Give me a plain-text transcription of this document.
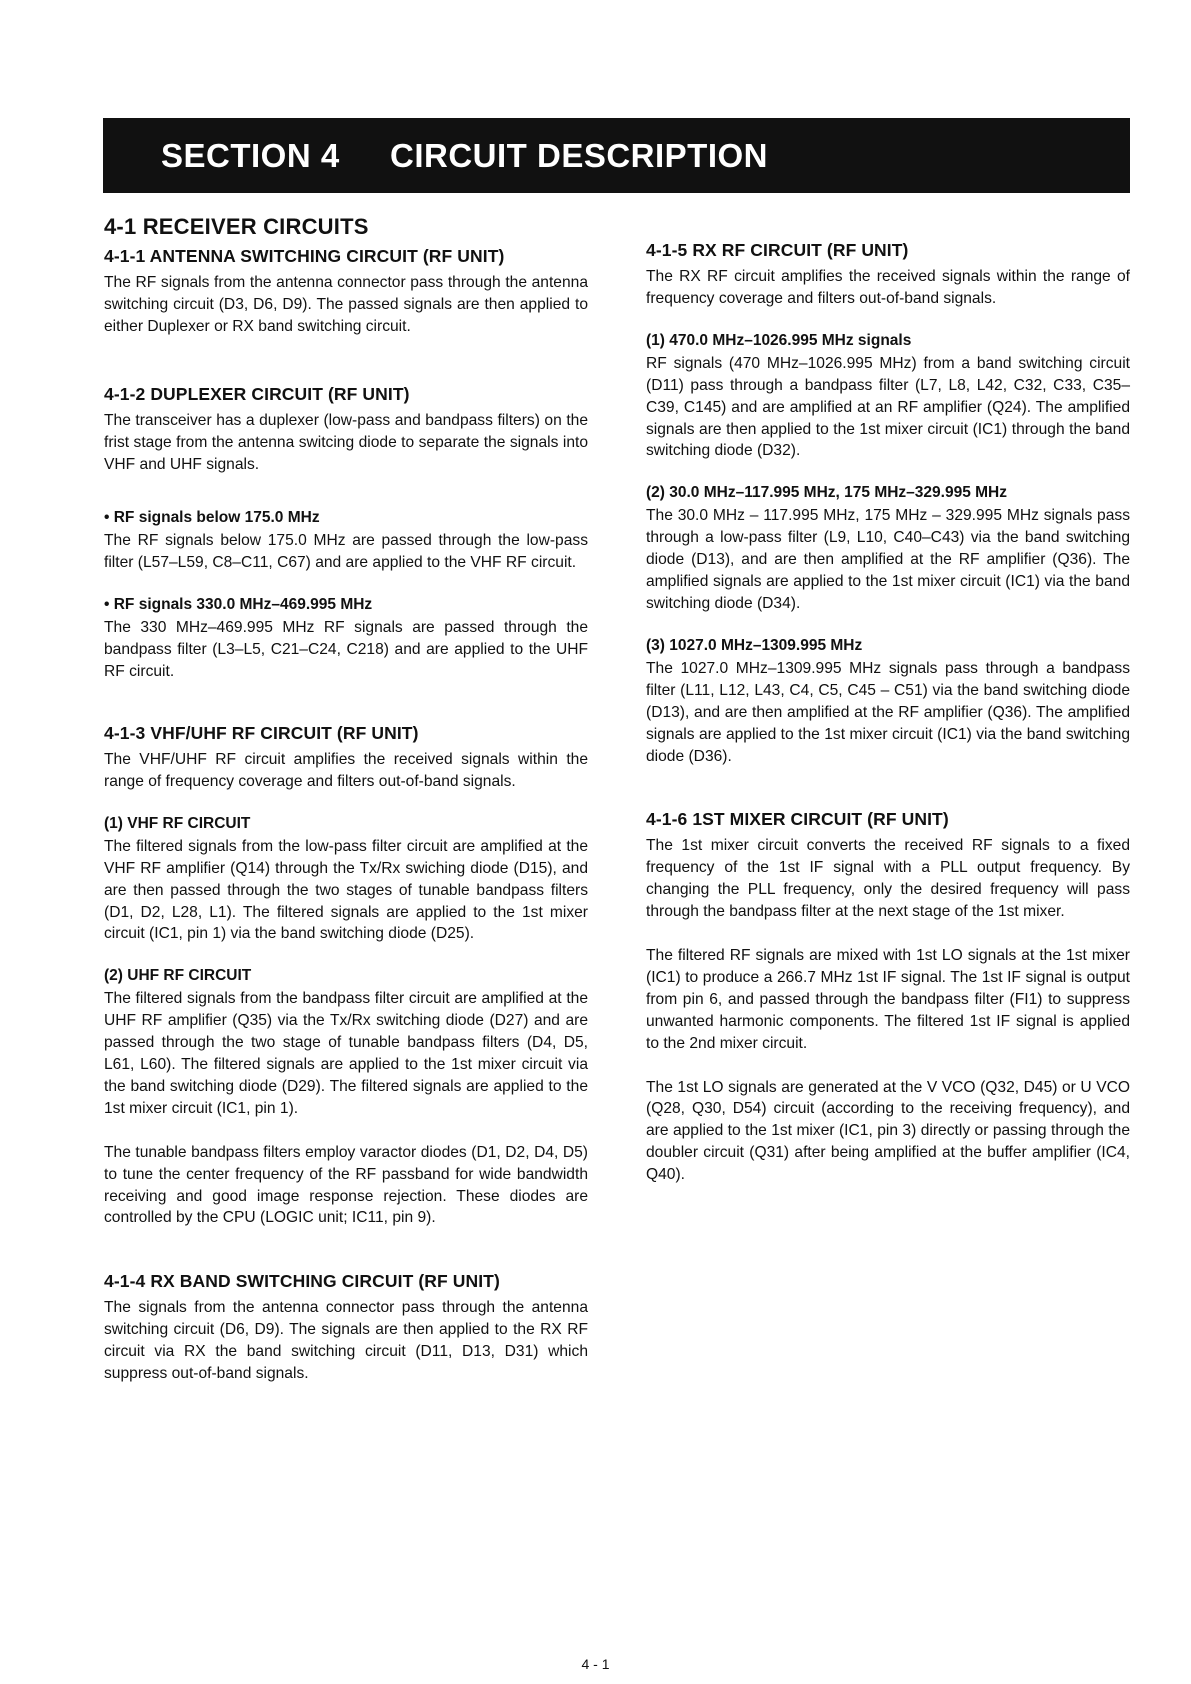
SECTION 4 CIRCUIT DESCRIPTION
4-1 RECEIVER CIRCUITS
4-1-1 ANTENNA SWITCHING CIRCUIT (RF UNIT)

The RF signals from the antenna connector pass through the antenna switching circuit (D3, D6, D9). The passed signals are then applied to either Duplexer or RX band switching circuit.

4-1-2 DUPLEXER CIRCUIT (RF UNIT)

The transceiver has a duplexer (low-pass and bandpass filters) on the frist stage from the antenna switcing diode to separate the signals into VHF and UHF signals.

• RF signals below 175.0 MHz

The RF signals below 175.0 MHz are passed through the low-pass filter (L57–L59, C8–C11, C67) and are applied to the VHF RF circuit.

• RF signals 330.0 MHz–469.995 MHz

The 330 MHz–469.995 MHz RF signals are passed through the bandpass filter (L3–L5, C21–C24, C218) and are applied to the UHF RF circuit.

4-1-3 VHF/UHF RF CIRCUIT (RF UNIT)

The VHF/UHF RF circuit amplifies the received signals within the range of frequency coverage and filters out-of-band signals.

(1) VHF RF CIRCUIT

The filtered signals from the low-pass filter circuit are amplified at the VHF RF amplifier (Q14) through the Tx/Rx swiching diode (D15), and are then passed through the two stages of tunable bandpass filters (D1, D2, L28, L1). The filtered signals are applied to the 1st mixer circuit (IC1, pin 1) via the band switching diode (D25).

(2) UHF RF CIRCUIT

The filtered signals from the bandpass filter circuit are amplified at the UHF RF amplifier (Q35) via the Tx/Rx switching diode (D27) and are passed through the two stage of tunable bandpass filters (D4, D5, L61, L60). The filtered signals are applied to the 1st mixer circuit via the band switching diode (D29). The filtered signals are applied to the 1st mixer circuit (IC1, pin 1).

The tunable bandpass filters employ varactor diodes (D1, D2, D4, D5) to tune the center frequency of the RF passband for wide bandwidth receiving and good image response rejection. These diodes are controlled by the CPU (LOGIC unit; IC11, pin 9).

4-1-4 RX BAND SWITCHING CIRCUIT (RF UNIT)

The signals from the antenna connector pass through the antenna switching circuit (D6, D9). The signals are then applied to the RX RF circuit via RX the band switching circuit (D11, D13, D31) which suppress out-of-band signals.

4-1-5 RX RF CIRCUIT (RF UNIT)

The RX RF circuit amplifies the received signals within the range of frequency coverage and filters out-of-band signals.

(1) 470.0 MHz–1026.995 MHz signals

RF signals (470 MHz–1026.995 MHz) from a band switching circuit (D11) pass through a bandpass filter (L7, L8, L42, C32, C33, C35–C39, C145) and are amplified at an RF amplifier (Q24). The amplified signals are then applied to the 1st mixer circuit (IC1) through the band switching diode (D32).

(2) 30.0 MHz–117.995 MHz, 175 MHz–329.995 MHz

The 30.0 MHz – 117.995 MHz, 175 MHz – 329.995 MHz signals pass through a low-pass filter (L9, L10, C40–C43) via the band switching diode (D13), and are then amplified at the RF amplifier (Q36). The amplified signals are applied to the 1st mixer circuit (IC1) via the band switching diode (D34).

(3) 1027.0 MHz–1309.995 MHz

The 1027.0 MHz–1309.995 MHz signals pass through a bandpass filter (L11, L12, L43, C4, C5, C45 – C51) via the band switching diode (D13), and are then amplified at the RF amplifier (Q36). The amplified signals are applied to the 1st mixer circuit (IC1) via the band switching diode (D36).

4-1-6 1ST MIXER CIRCUIT (RF UNIT)

The 1st mixer circuit converts the received RF signals to a fixed frequency of the 1st IF signal with a PLL output frequency. By changing the PLL frequency, only the desired frequency will pass through the bandpass filter at the next stage of the 1st mixer.

The filtered RF signals are mixed with 1st LO signals at the 1st mixer (IC1) to produce a 266.7 MHz 1st IF signal. The 1st IF signal is output from pin 6, and passed through the bandpass filter (FI1) to suppress unwanted harmonic components. The filtered 1st IF signal is applied to the 2nd mixer circuit.

The 1st LO signals are generated at the V VCO (Q32, D45) or U VCO (Q28, Q30, D54) circuit (according to the receiving frequency), and are applied to the 1st mixer (IC1, pin 3) directly or passing through the doubler circuit (Q31) after being amplified at the buffer amplifier (IC4, Q40).

4 - 1
